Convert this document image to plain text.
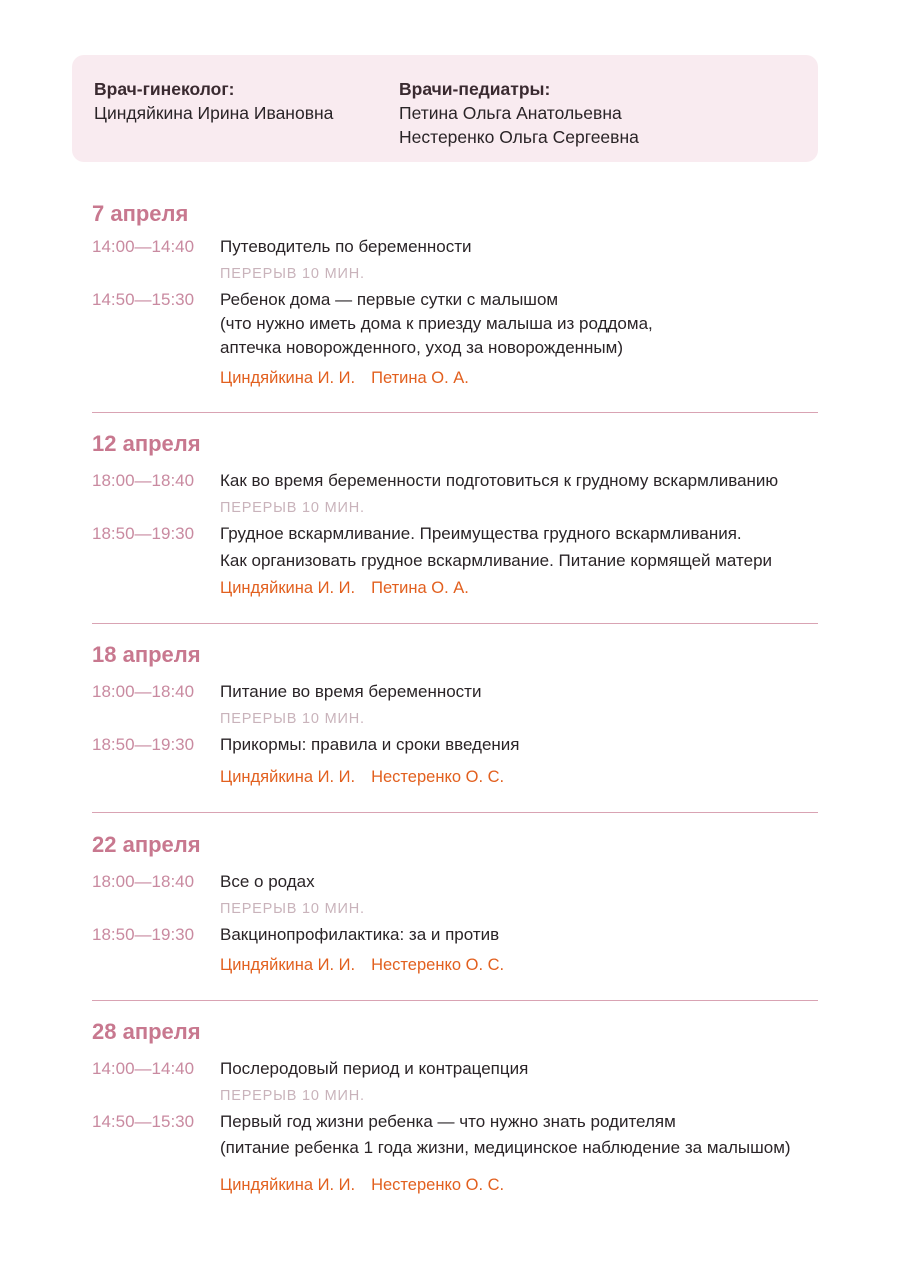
Врач-гинеколог:
Циндяйкина Ирина Ивановна
Врачи-педиатры:
Петина Ольга Анатольевна
Нестеренко Ольга Сергеевна
7 апреля
14:00—14:40 Путеводитель по беременности
ПЕРЕРЫВ 10 МИН.
14:50—15:30 Ребенок дома — первые сутки с малышом
(что нужно иметь дома к приезду малыша из роддома,
аптечка новорожденного, уход за новорожденным)
Циндяйкина И. И. Петина О. А.
12 апреля
18:00—18:40 Как во время беременности подготовиться к грудному вскармливанию
ПЕРЕРЫВ 10 МИН.
18:50—19:30 Грудное вскармливание. Преимущества грудного вскармливания.
Как организовать грудное вскармливание. Питание кормящей матери
Циндяйкина И. И. Петина О. А.
18 апреля
18:00—18:40 Питание во время беременности
ПЕРЕРЫВ 10 МИН.
18:50—19:30 Прикормы: правила и сроки введения
Циндяйкина И. И. Нестеренко О. С.
22 апреля
18:00—18:40 Все о родах
ПЕРЕРЫВ 10 МИН.
18:50—19:30 Вакцинопрофилактика: за и против
Циндяйкина И. И. Нестеренко О. С.
28 апреля
14:00—14:40 Послеродовый период и контрацепция
ПЕРЕРЫВ 10 МИН.
14:50—15:30 Первый год жизни ребенка — что нужно знать родителям
(питание ребенка 1 года жизни, медицинское наблюдение за малышом)
Циндяйкина И. И. Нестеренко О. С.
